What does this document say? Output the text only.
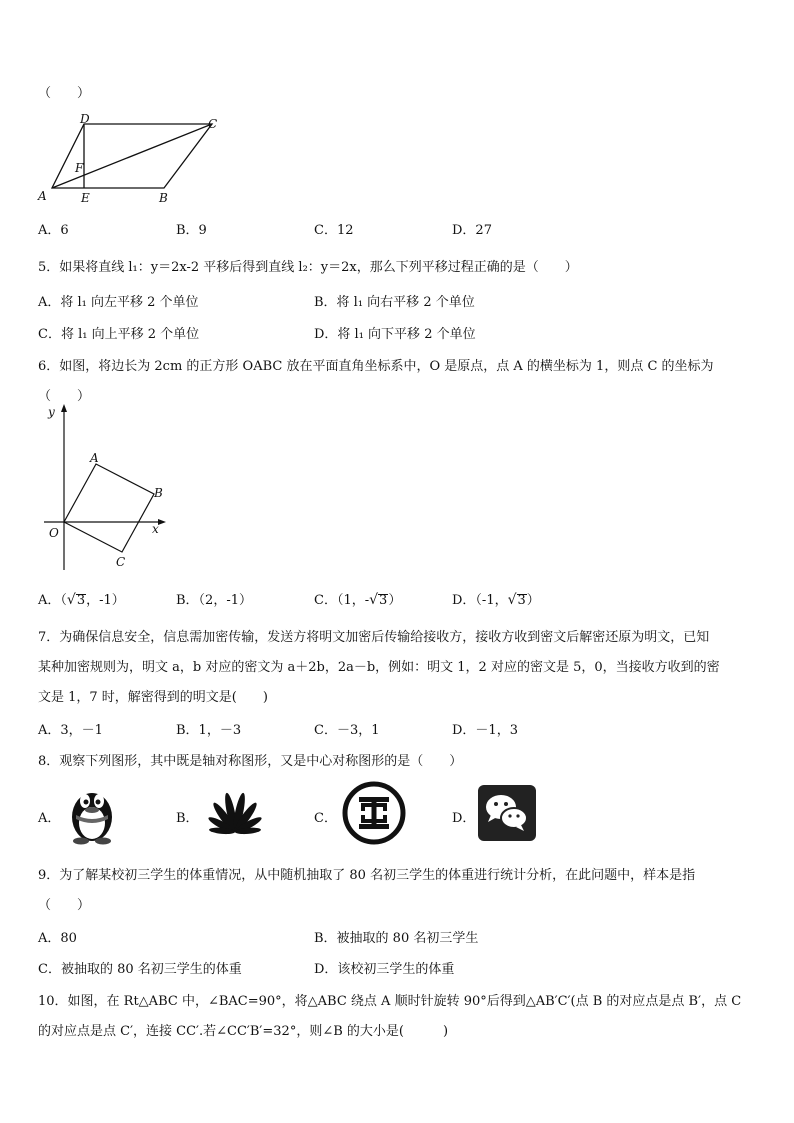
（　　）
D	C
F
A	E	B
A．6	B．9	C．12	D．27
5．如果将直线 l₁：y＝2x-2 平移后得到直线 l₂：y＝2x，那么下列平移过程正确的是（　　）
A．将 l₁ 向左平移 2 个单位	B．将 l₁ 向右平移 2 个单位
C．将 l₁ 向上平移 2 个单位	D．将 l₁ 向下平移 2 个单位
6．如图，将边长为 2cm 的正方形 OABC 放在平面直角坐标系中，O 是原点，点 A 的横坐标为 1，则点 C 的坐标为
（　　）
y
A
B
O	x
C
A．（√3，-1）	B．（2，-1）	C．（1，-√3）	D．（-1，√3）
7．为确保信息安全，信息需加密传输，发送方将明文加密后传输给接收方，接收方收到密文后解密还原为明文，已知
某种加密规则为，明文 a，b 对应的密文为 a＋2b，2a－b，例如：明文 1，2 对应的密文是 5，0，当接收方收到的密
文是 1，7 时，解密得到的明文是(　　)
A．3，－1	B．1，－3	C．－3，1	D．－1，3
8．观察下列图形，其中既是轴对称图形，又是中心对称图形的是（　　）
A．	B．	C．	D．
9．为了解某校初三学生的体重情况，从中随机抽取了 80 名初三学生的体重进行统计分析，在此问题中，样本是指
（　　）
A．80	B．被抽取的 80 名初三学生
C．被抽取的 80 名初三学生的体重	D．该校初三学生的体重
10．如图，在 Rt△ABC 中，∠BAC=90°，将△ABC 绕点 A 顺时针旋转 90°后得到△AB′C′(点 B 的对应点是点 B′，点 C
的对应点是点 C′，连接 CC′.若∠CC′B′=32°，则∠B 的大小是(　　　)
